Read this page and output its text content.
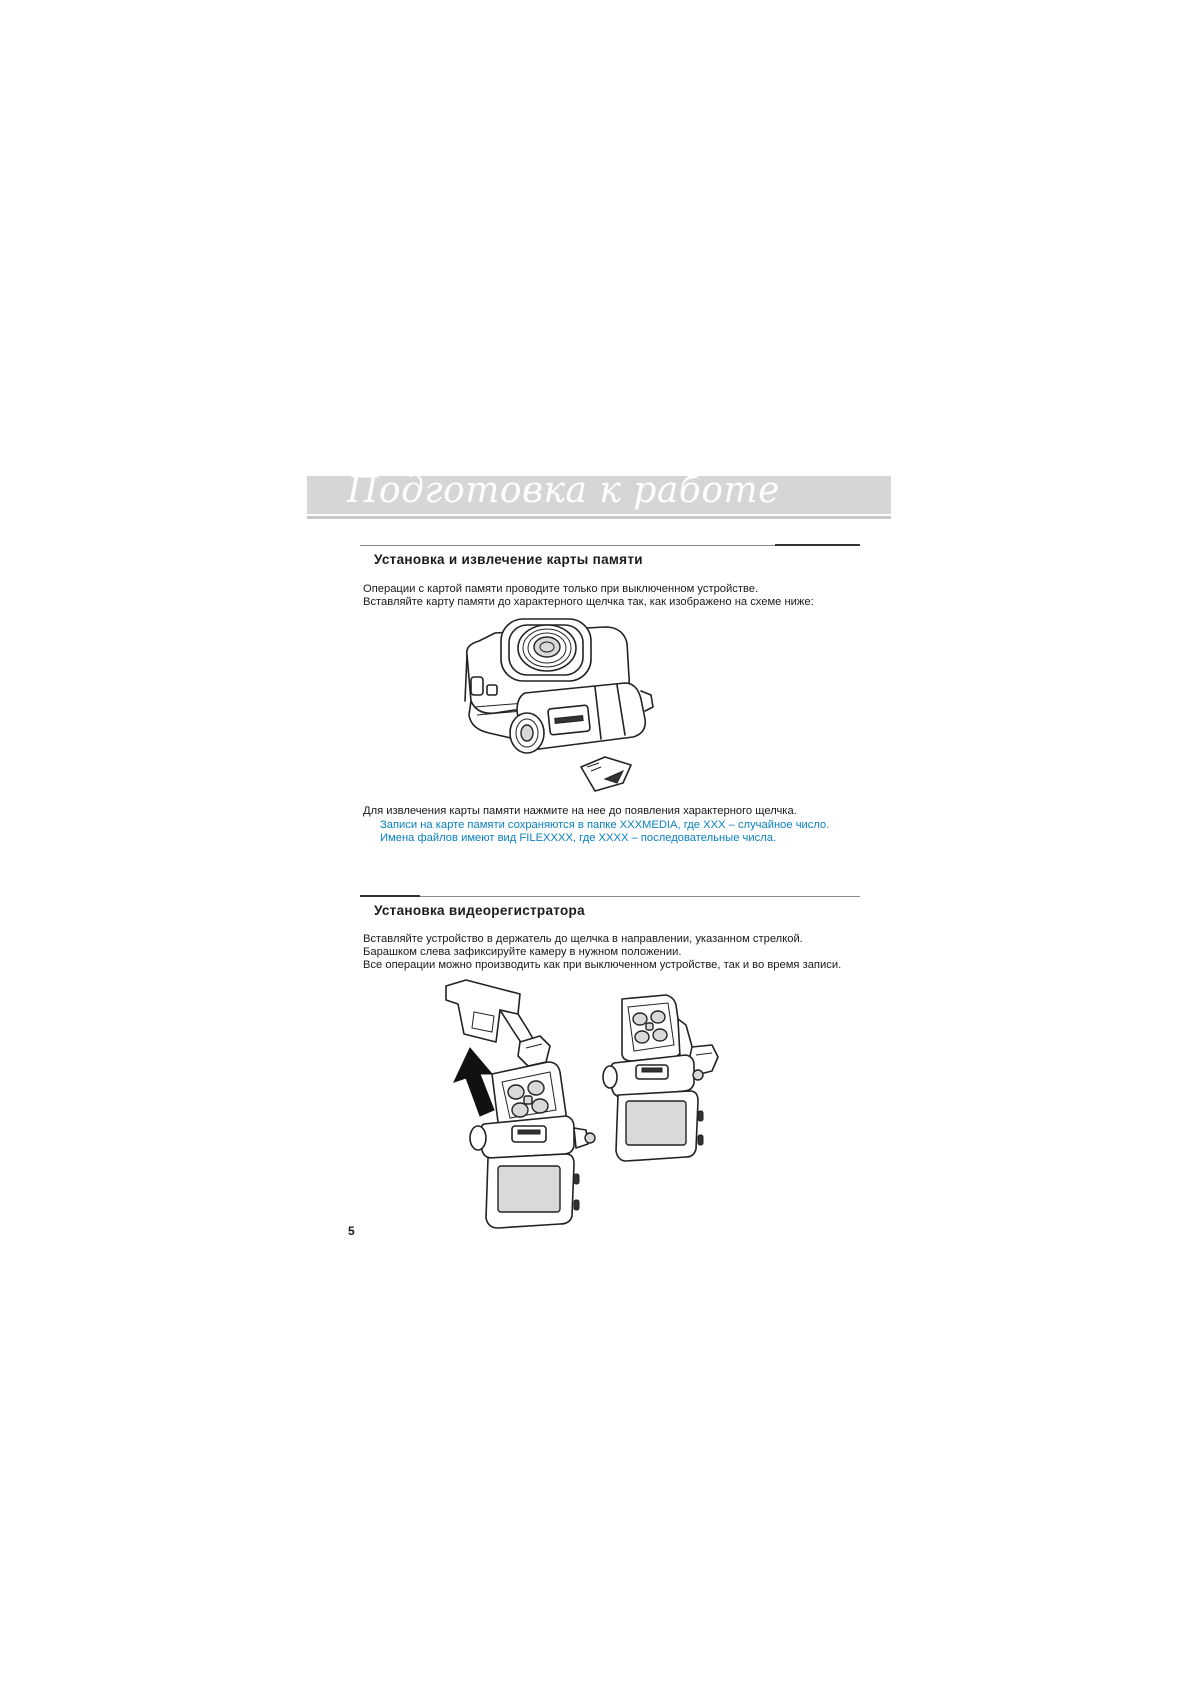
Подготовка к работе
Установка и извлечение карты памяти
Операции с картой памяти проводите только при выключенном устройстве.
Вставляйте карту памяти до характерного щелчка так, как изображено на схеме ниже:
Для извлечения карты памяти нажмите на нее до появления характерного щелчка.
Записи на карте памяти сохраняются в папке XXXMEDIA, где XXX – случайное число.
Имена файлов имеют вид FILEXXXX, где XXXX – последовательные числа.
Установка видеорегистратора
Вставляйте устройство в держатель до щелчка в направлении, указанном стрелкой.
Барашком слева зафиксируйте камеру в нужном положении.
Все операции можно производить как при выключенном устройстве, так и во время записи.
5
